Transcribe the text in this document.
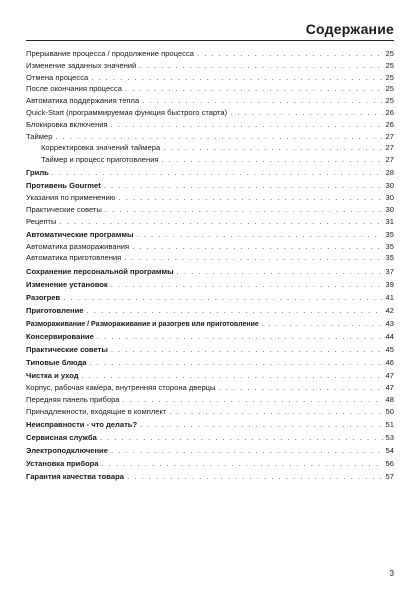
Содержание
Прерывание процесса / продолжение процесса . . .	25
Изменение заданных значений . . .	25
Отмена процесса . . .	25
После окончания процесса . . .	25
Автоматика поддержания тепла . . .	25
Quick-Start (программируемая функция быстрого старта) . . .	26
Блокировка включения . . .	26
Таймер . . .	27
Корректировка значений таймера . . .	27
Таймер и процесс приготовления . . .	27
Гриль . . .	28
Противень Gourmet . . .	30
Указания по применению . . .	30
Практические советы . . .	30
Рецепты . . .	31
Автоматические программы . . .	35
Автоматика размораживания . . .	35
Автоматика приготовления . . .	35
Сохранение персональной программы . . .	37
Изменение установок . . .	39
Разогрев . . .	41
Приготовление . . .	42
Размораживание / Размораживание и разогрев или приготовление . . .	43
Консервирование . . .	44
Практические советы . . .	45
Типовые блюда . . .	46
Чистка и уход . . .	47
Корпус, рабочая камера, внутренняя сторона дверцы . . .	47
Передняя панель прибора . . .	48
Принадлежности, входящие в комплект . . .	50
Неисправности - что делать? . . .	51
Сервисная служба . . .	53
Электроподключение . . .	54
Установка прибора . . .	56
Гарантия качества товара . . .	57
3
